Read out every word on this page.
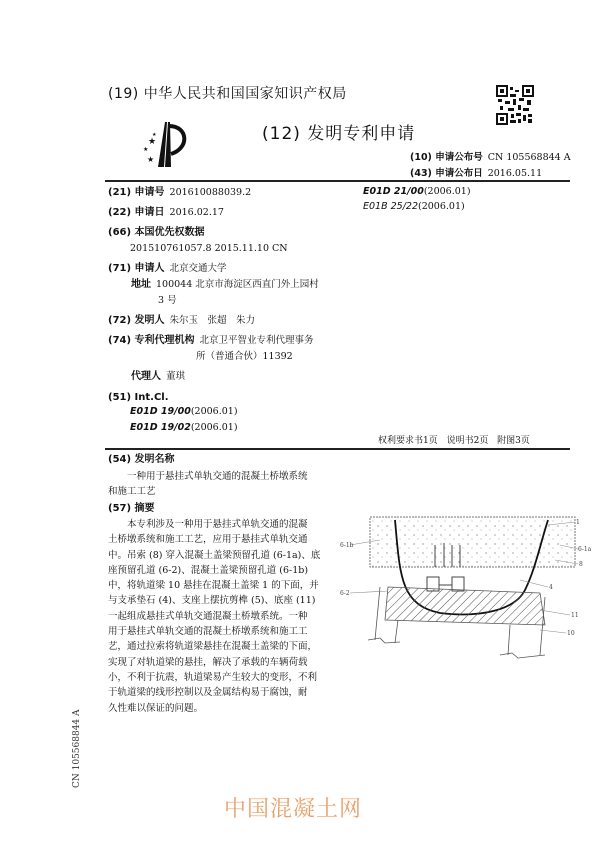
(19) 中华人民共和国国家知识产权局
★
★
★
★	(12) 发明专利申请
(10) 申请公布号 CN 105568844 A
(43) 申请公布日 2016.05.11
(21) 申请号 201610088039.2
(22) 申请日 2016.02.17
(66) 本国优先权数据
201510761057.8 2015.11.10 CN
(71) 申请人 北京交通大学
地址 100044 北京市海淀区西直门外上园村
3 号
(72) 发明人 朱尔玉　张超　朱力
(74) 专利代理机构 北京卫平智业专利代理事务
所（普通合伙）11392
代理人 董琪
(51) Int.Cl.
E01D 19/00(2006.01)
E01D 19/02(2006.01)
E01D 21/00(2006.01)
E01B 25/22(2006.01)
权利要求书1页 说明书2页 附图3页
(54) 发明名称
一种用于悬挂式单轨交通的混凝土桥墩系统
和施工工艺
(57) 摘要
　　本专利涉及一种用于悬挂式单轨交通的混凝
土桥墩系统和施工工艺，应用于悬挂式单轨交通
中。吊索 (8) 穿入混凝土盖梁预留孔道 (6-1a)、底
座预留孔道 (6-2)、混凝土盖梁预留孔道 (6-1b)
中，将轨道梁 10 悬挂在混凝土盖梁 1 的下面，并
与支承垫石 (4)、支座上摆抗剪榫 (5)、底座 (11)
一起组成悬挂式单轨交通混凝土桥墩系统。一种
用于悬挂式单轨交通的混凝土桥墩系统和施工工
艺，通过拉索将轨道梁悬挂在混凝土盖梁的下面，
实现了对轨道梁的悬挂，解决了承载的车辆荷载
小，不利于抗震，轨道梁易产生较大的变形，不利
于轨道梁的线形控制以及金属结构易于腐蚀，耐
久性难以保证的问题。
1
6-1a
8
4
11
10
6-1b
6-2
CN 105568844 A
中国混凝土网
